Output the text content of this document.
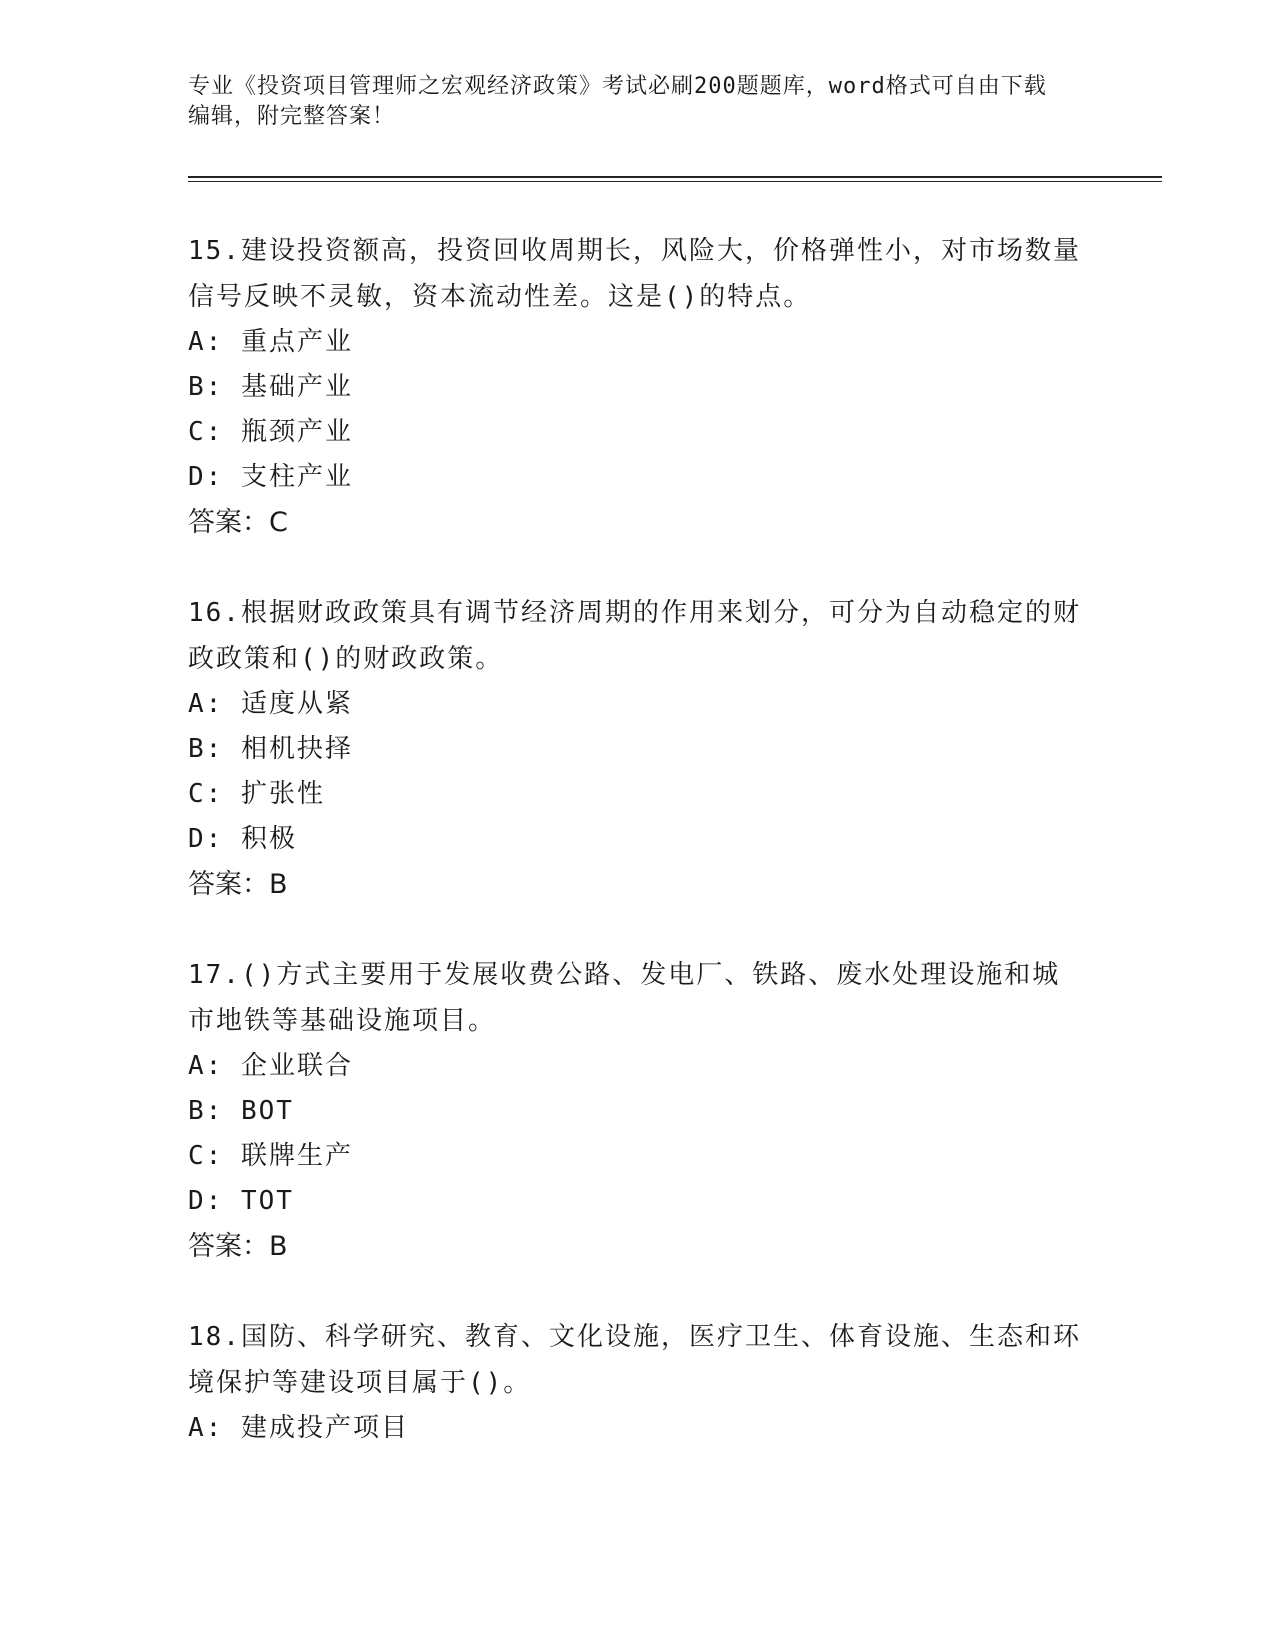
专业《投资项目管理师之宏观经济政策》考试必刷200题题库，word格式可自由下载编辑，附完整答案！

15.建设投资额高，投资回收周期长，风险大，价格弹性小，对市场数量信号反映不灵敏，资本流动性差。这是()的特点。

A: 重点产业

B: 基础产业

C: 瓶颈产业

D: 支柱产业

答案：C

16.根据财政政策具有调节经济周期的作用来划分，可分为自动稳定的财政政策和()的财政政策。

A: 适度从紧

B: 相机抉择

C: 扩张性

D: 积极

答案：B

17.()方式主要用于发展收费公路、发电厂、铁路、废水处理设施和城市地铁等基础设施项目。

A: 企业联合

B: BOT

C: 联牌生产

D: TOT

答案：B

18.国防、科学研究、教育、文化设施，医疗卫生、体育设施、生态和环境保护等建设项目属于()。

A: 建成投产项目
